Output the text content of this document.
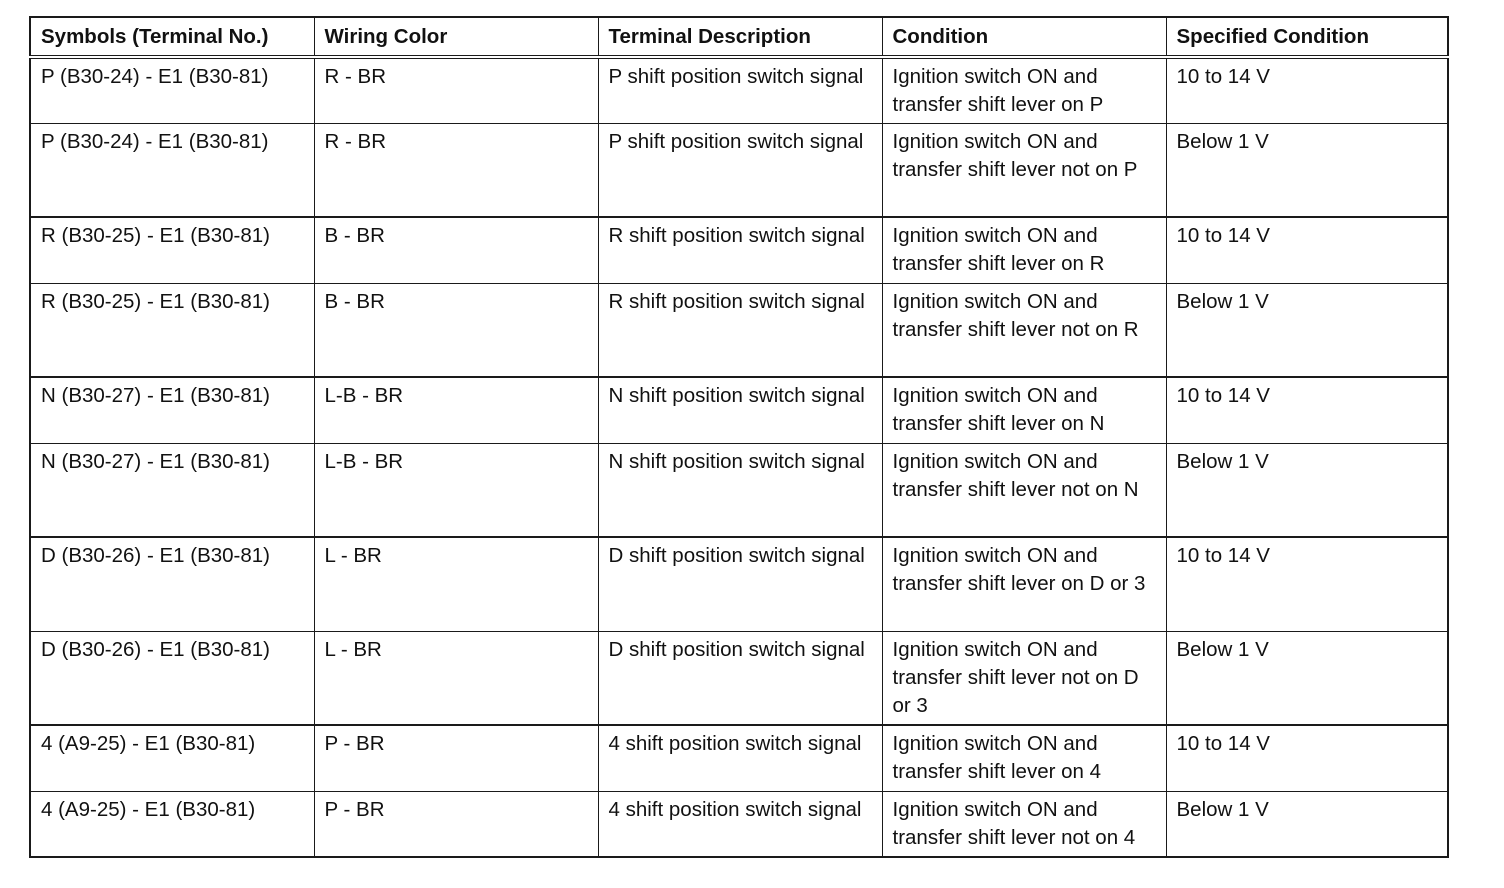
Symbols (Terminal No.)	Wiring Color	Terminal Description	Condition	Specified Condition
P (B30-24) - E1 (B30-81)	R - BR	P shift position switch signal	Ignition switch ON and transfer shift lever on P	10 to 14 V
P (B30-24) - E1 (B30-81)	R - BR	P shift position switch signal	Ignition switch ON and transfer shift lever not on P	Below 1 V
R (B30-25) - E1 (B30-81)	B - BR	R shift position switch signal	Ignition switch ON and transfer shift lever on R	10 to 14 V
R (B30-25) - E1 (B30-81)	B - BR	R shift position switch signal	Ignition switch ON and transfer shift lever not on R	Below 1 V
N (B30-27) - E1 (B30-81)	L-B - BR	N shift position switch signal	Ignition switch ON and transfer shift lever on N	10 to 14 V
N (B30-27) - E1 (B30-81)	L-B - BR	N shift position switch signal	Ignition switch ON and transfer shift lever not on N	Below 1 V
D (B30-26) - E1 (B30-81)	L - BR	D shift position switch signal	Ignition switch ON and transfer shift lever on D or 3	10 to 14 V
D (B30-26) - E1 (B30-81)	L - BR	D shift position switch signal	Ignition switch ON and transfer shift lever not on D or 3	Below 1 V
4 (A9-25) - E1 (B30-81)	P - BR	4 shift position switch signal	Ignition switch ON and transfer shift lever on 4	10 to 14 V
4 (A9-25) - E1 (B30-81)	P - BR	4 shift position switch signal	Ignition switch ON and transfer shift lever not on 4	Below 1 V
